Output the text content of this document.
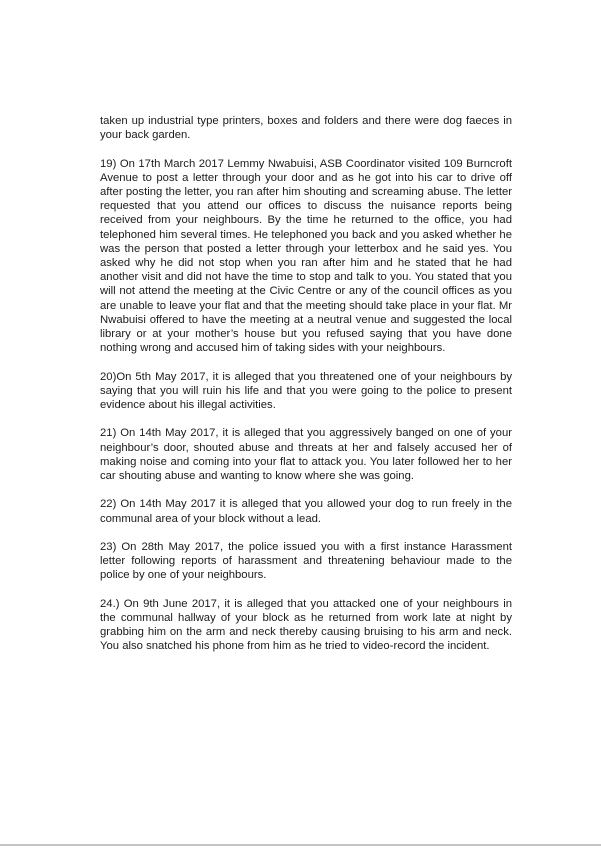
taken up industrial type printers, boxes and folders and there were dog faeces in your back garden.

19) On 17th March 2017 Lemmy Nwabuisi, ASB Coordinator visited 109 Burncroft Avenue to post a letter through your door and as he got into his car to drive off after posting the letter, you ran after him shouting and screaming abuse. The letter requested that you attend our offices to discuss the nuisance reports being received from your neighbours. By the time he returned to the office, you had telephoned him several times. He telephoned you back and you asked whether he was the person that posted a letter through your letterbox and he said yes. You asked why he did not stop when you ran after him and he stated that he had another visit and did not have the time to stop and talk to you. You stated that you will not attend the meeting at the Civic Centre or any of the council offices as you are unable to leave your flat and that the meeting should take place in your flat. Mr Nwabuisi offered to have the meeting at a neutral venue and suggested the local library or at your mother’s house but you refused saying that you have done nothing wrong and accused him of taking sides with your neighbours.

20)On 5th May 2017, it is alleged that you threatened one of your neighbours by saying that you will ruin his life and that you were going to the police to present evidence about his illegal activities.

21) On 14th May 2017, it is alleged that you aggressively banged on one of your neighbour’s door, shouted abuse and threats at her and falsely accused her of making noise and coming into your flat to attack you. You later followed her to her car shouting abuse and wanting to know where she was going.

22) On 14th May 2017 it is alleged that you allowed your dog to run freely in the communal area of your block without a lead.

23) On 28th May 2017, the police issued you with a first instance Harassment letter following reports of harassment and threatening behaviour made to the police by one of your neighbours.

24.) On 9th June 2017, it is alleged that you attacked one of your neighbours in the communal hallway of your block as he returned from work late at night by grabbing him on the arm and neck thereby causing bruising to his arm and neck. You also snatched his phone from him as he tried to video-record the incident.
